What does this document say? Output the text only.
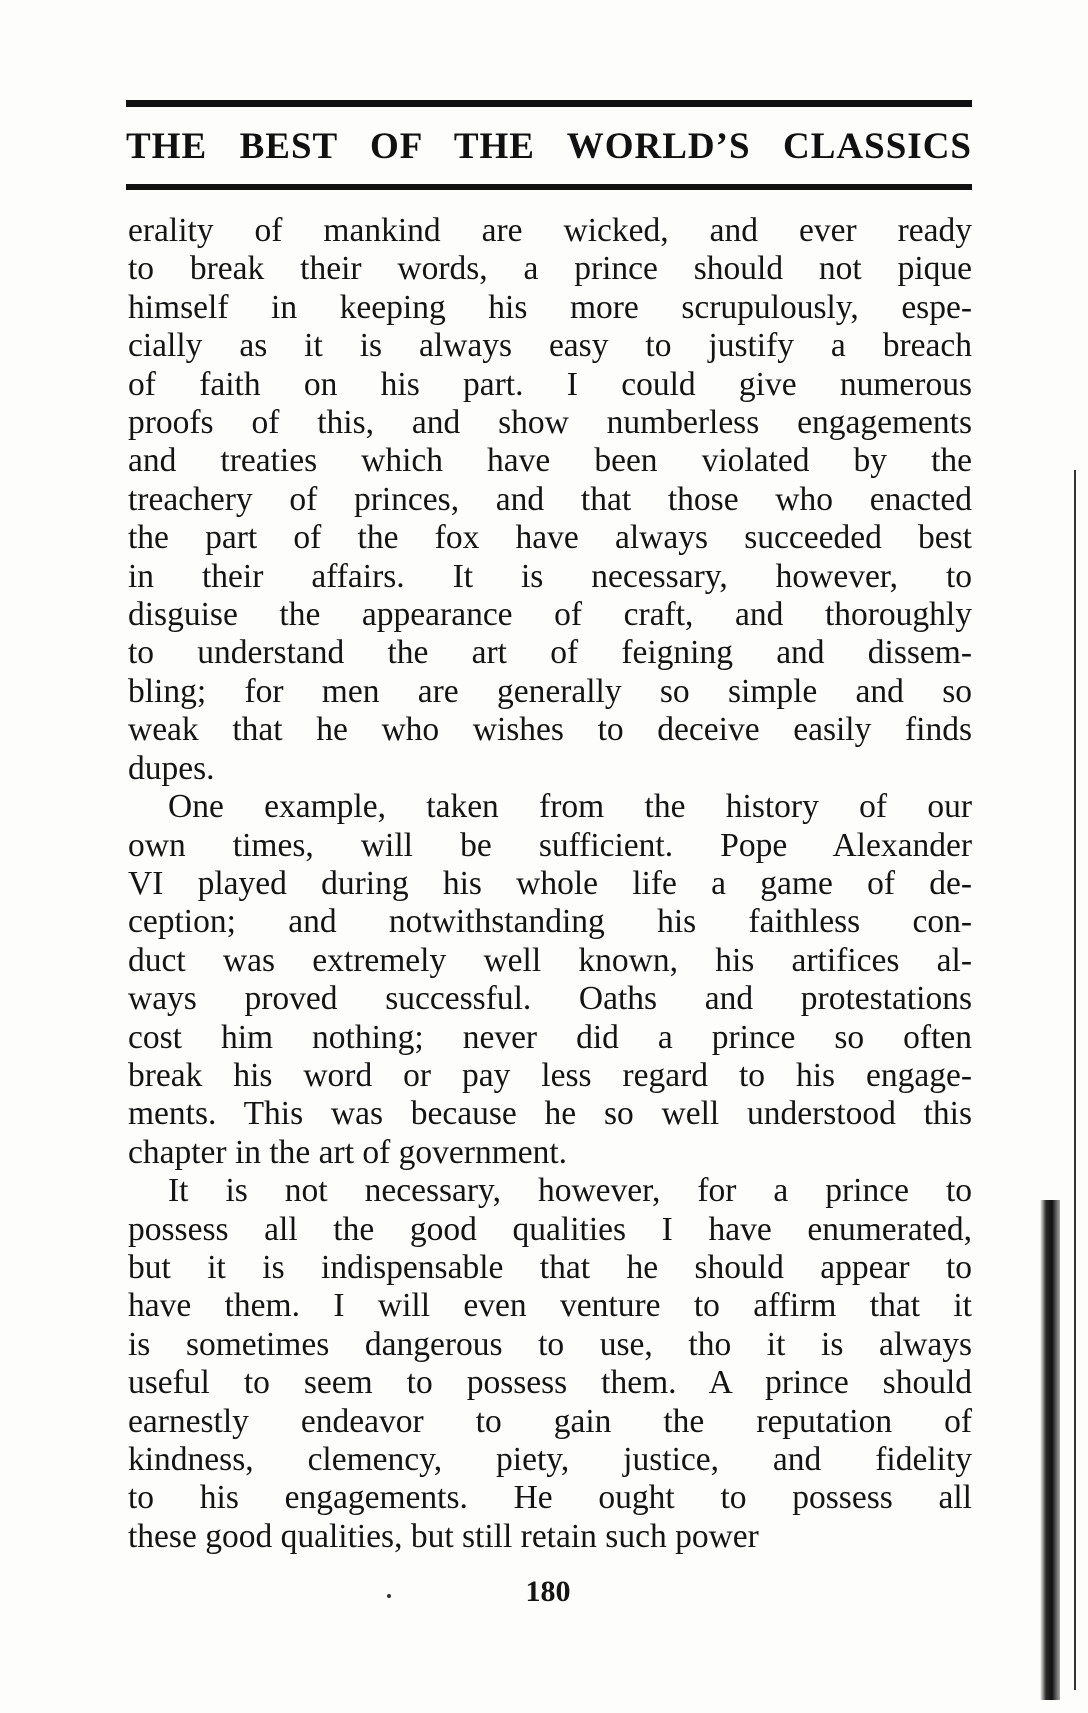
THE BEST OF THE WORLD’S CLASSICS

erality of mankind are wicked, and ever ready
to break their words, a prince should not pique
himself in keeping his more scrupulously, espe-
cially as it is always easy to justify a breach
of faith on his part. I could give numerous
proofs of this, and show numberless engagements
and treaties which have been violated by the
treachery of princes, and that those who enacted
the part of the fox have always succeeded best
in their affairs. It is necessary, however, to
disguise the appearance of craft, and thoroughly
to understand the art of feigning and dissem-
bling; for men are generally so simple and so
weak that he who wishes to deceive easily finds
dupes.

One example, taken from the history of our
own times, will be sufficient. Pope Alexander
VI played during his whole life a game of de-
ception; and notwithstanding his faithless con-
duct was extremely well known, his artifices al-
ways proved successful. Oaths and protestations
cost him nothing; never did a prince so often
break his word or pay less regard to his engage-
ments. This was because he so well understood this
chapter in the art of government.

It is not necessary, however, for a prince to
possess all the good qualities I have enumerated,
but it is indispensable that he should appear to
have them. I will even venture to affirm that it
is sometimes dangerous to use, tho it is always
useful to seem to possess them. A prince should
earnestly endeavor to gain the reputation of
kindness, clemency, piety, justice, and fidelity
to his engagements. He ought to possess all
these good qualities, but still retain such power

180
